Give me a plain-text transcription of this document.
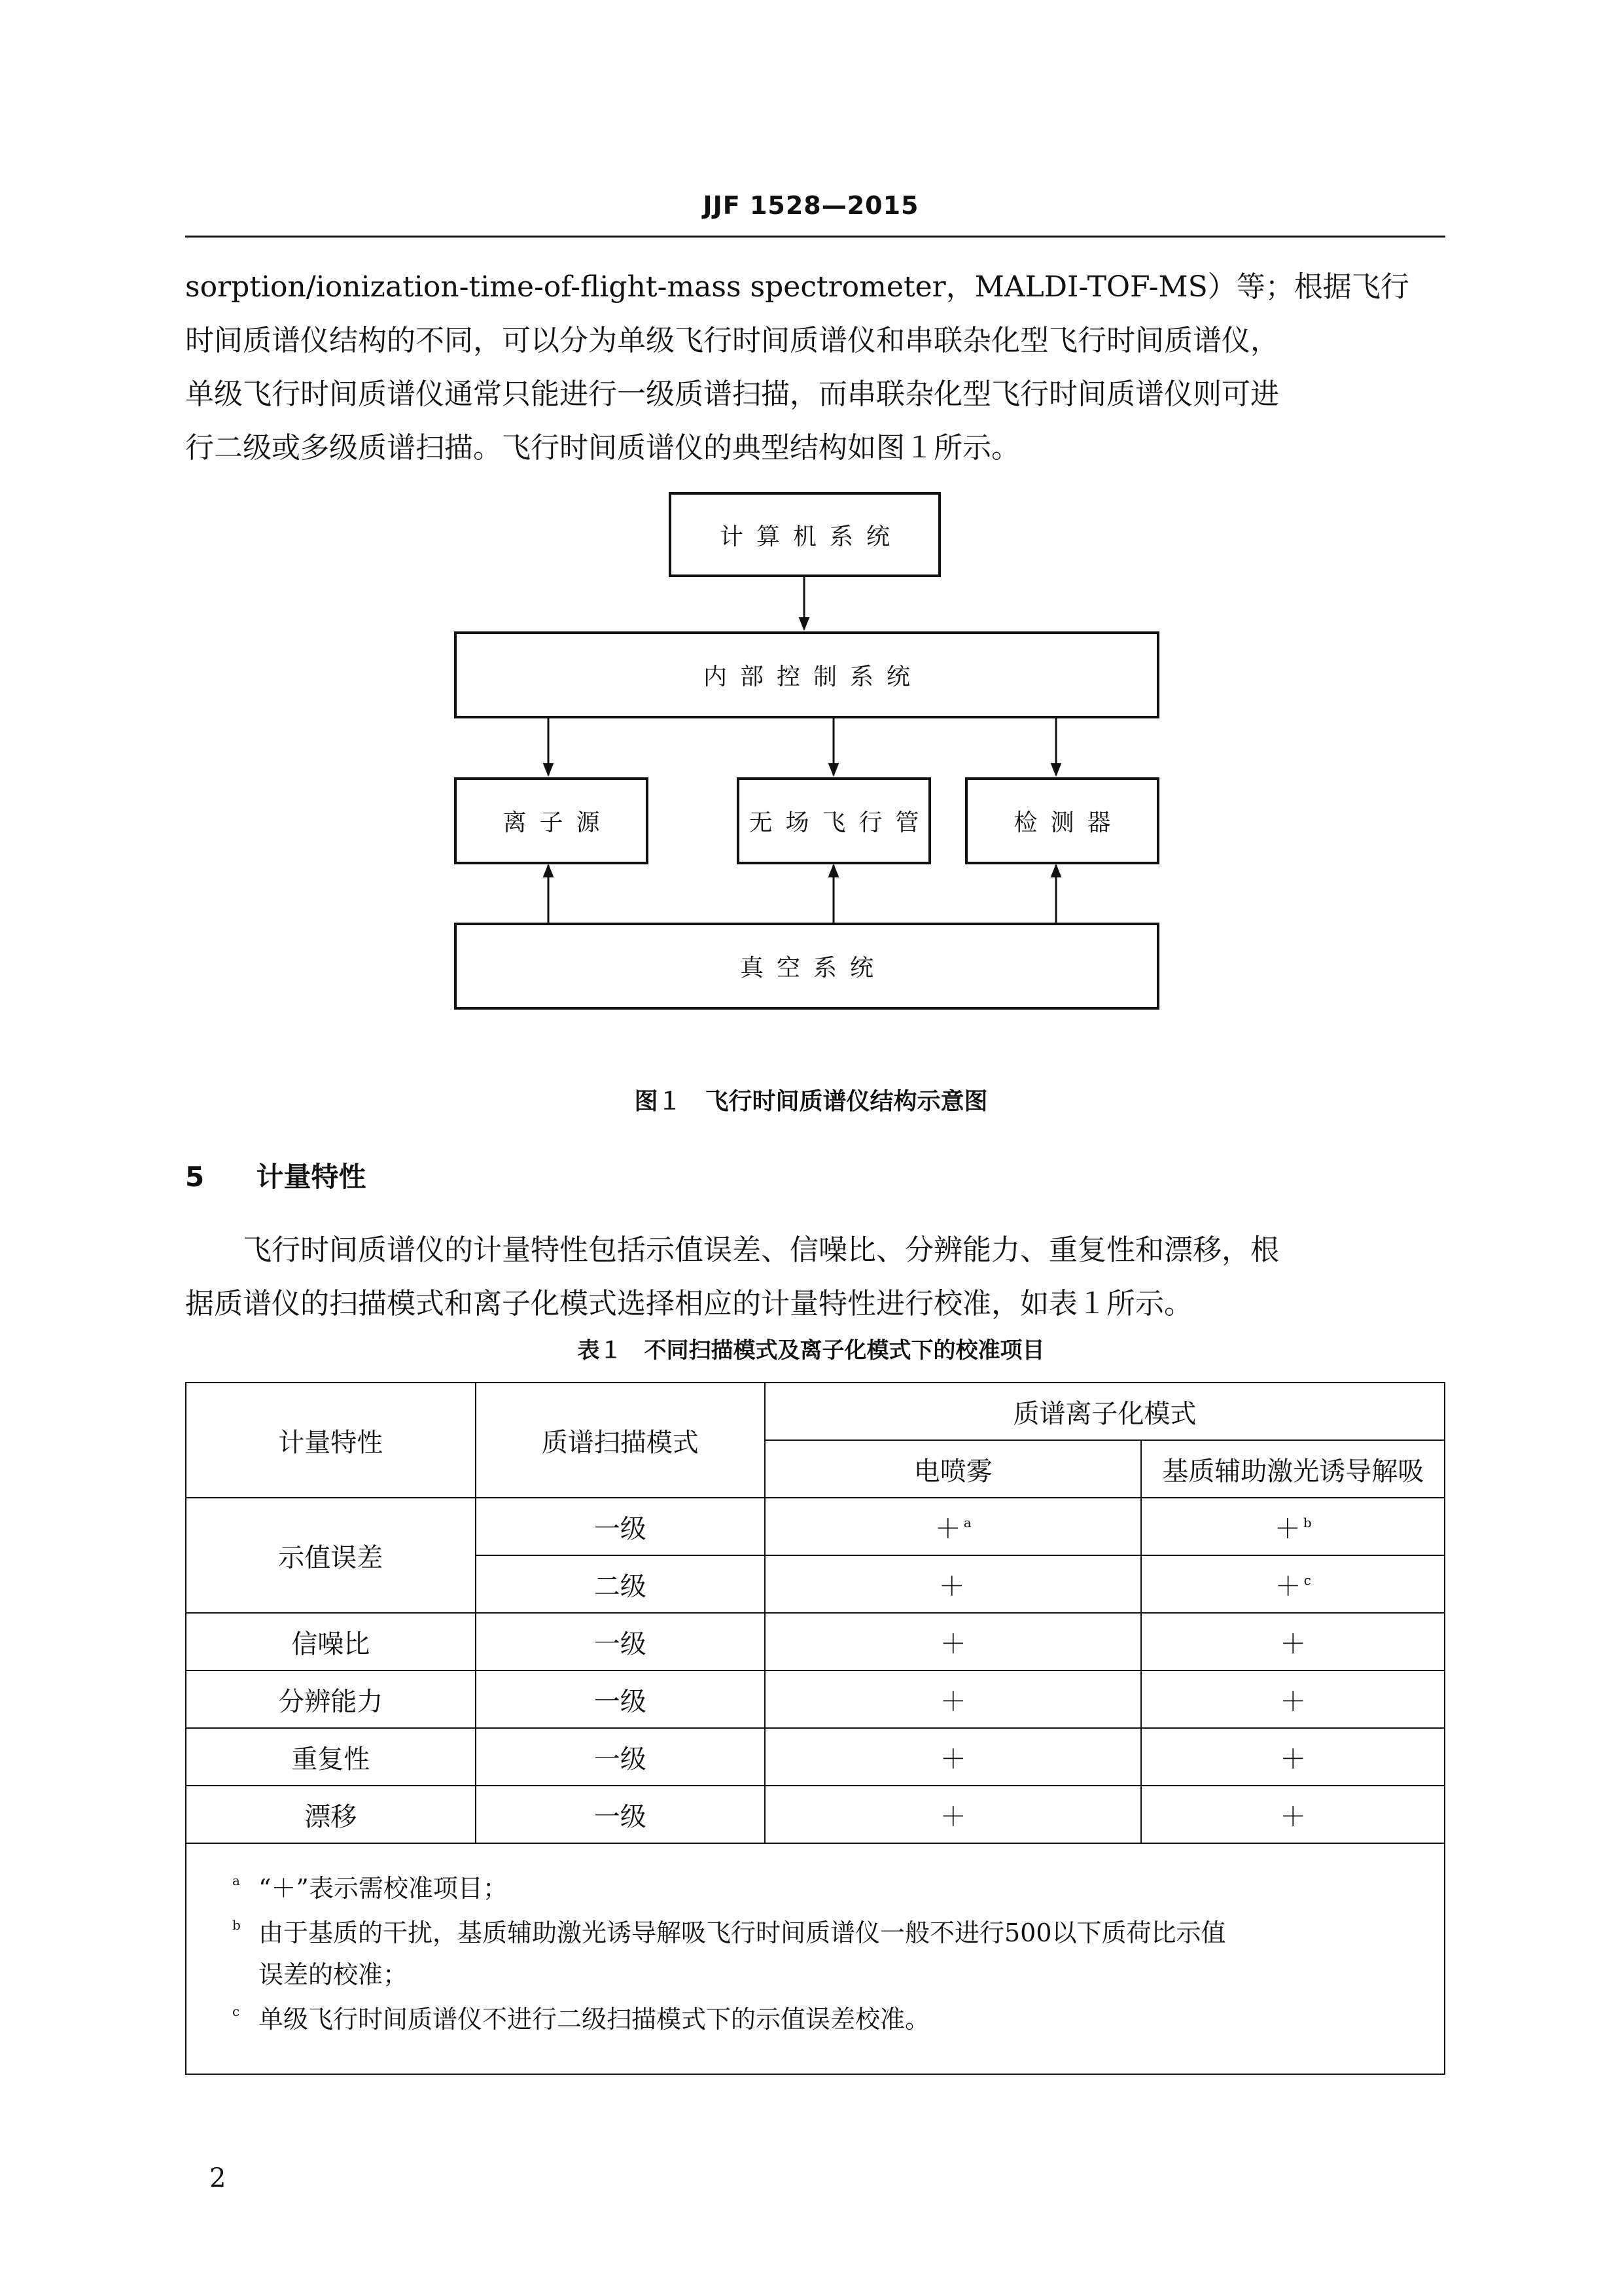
JJF 1528—2015
sorption/ionization-time-of-flight-mass spectrometer，MALDI-TOF-MS）等；根据飞行
时间质谱仪结构的不同，可以分为单级飞行时间质谱仪和串联杂化型飞行时间质谱仪，
单级飞行时间质谱仪通常只能进行一级质谱扫描，而串联杂化型飞行时间质谱仪则可进
行二级或多级质谱扫描。飞行时间质谱仪的典型结构如图１所示。
计算机系统
内部控制系统
离子源	无场飞行管	检测器
真空系统
图１　飞行时间质谱仪结构示意图
5 计量特性
飞行时间质谱仪的计量特性包括示值误差、信噪比、分辨能力、重复性和漂移，根
据质谱仪的扫描模式和离子化模式选择相应的计量特性进行校准，如表１所示。
表１　不同扫描模式及离子化模式下的校准项目
计量特性	质谱扫描模式	质谱离子化模式	
		电喷雾	基质辅助激光诱导解吸
示值误差	一级	＋ $^a$	＋ $^b$
	二级	＋	＋ $^c$
信噪比	一级	＋	＋
分辨能力	一级	＋	＋
重复性	一级	＋	＋
漂移	一级	＋	＋
a “＋”表示需校准项目；
b 由于基质的干扰，基质辅助激光诱导解吸飞行时间质谱仪一般不进行500以下质荷比示值
误差的校准；
c 单级飞行时间质谱仪不进行二级扫描模式下的示值误差校准。
2
